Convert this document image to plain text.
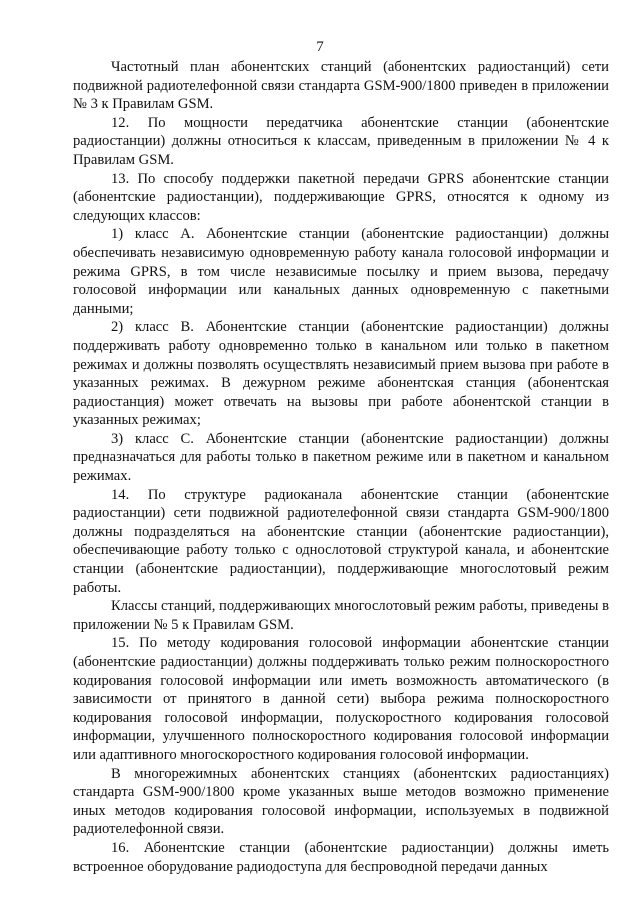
7

Частотный план абонентских станций (абонентских радиостанций) сети подвижной радиотелефонной связи стандарта GSM-900/1800 приведен в приложении № 3 к Правилам GSM.

12. По мощности передатчика абонентские станции (абонентские радиостанции) должны относиться к классам, приведенным в приложении № 4 к Правилам GSM.

13. По способу поддержки пакетной передачи GPRS абонентские станции (абонентские радиостанции), поддерживающие GPRS, относятся к одному из следующих классов:

1) класс А. Абонентские станции (абонентские радиостанции) должны обеспечивать независимую одновременную работу канала голосовой информации и режима GPRS, в том числе независимые посылку и прием вызова, передачу голосовой информации или канальных данных одновременную с пакетными данными;

2) класс В. Абонентские станции (абонентские радиостанции) должны поддерживать работу одновременно только в канальном или только в пакетном режимах и должны позволять осуществлять независимый прием вызова при работе в указанных режимах. В дежурном режиме абонентская станция (абонентская радиостанция) может отвечать на вызовы при работе абонентской станции в указанных режимах;

3) класс С. Абонентские станции (абонентские радиостанции) должны предназначаться для работы только в пакетном режиме или в пакетном и канальном режимах.

14. По структуре радиоканала абонентские станции (абонентские радиостанции) сети подвижной радиотелефонной связи стандарта GSM-900/1800 должны подразделяться на абонентские станции (абонентские радиостанции), обеспечивающие работу только с однослотовой структурой канала, и абонентские станции (абонентские радиостанции), поддерживающие многослотовый режим работы.

Классы станций, поддерживающих многослотовый режим работы, приведены в приложении № 5 к Правилам GSM.

15. По методу кодирования голосовой информации абонентские станции (абонентские радиостанции) должны поддерживать только режим полноскоростного кодирования голосовой информации или иметь возможность автоматического (в зависимости от принятого в данной сети) выбора режима полноскоростного кодирования голосовой информации, полускоростного кодирования голосовой информации, улучшенного полноскоростного кодирования голосовой информации или адаптивного многоскоростного кодирования голосовой информации.

В многорежимных абонентских станциях (абонентских радиостанциях) стандарта GSM-900/1800 кроме указанных выше методов возможно применение иных методов кодирования голосовой информации, используемых в подвижной радиотелефонной связи.

16. Абонентские станции (абонентские радиостанции) должны иметь встроенное оборудование радиодоступа для беспроводной передачи данных
